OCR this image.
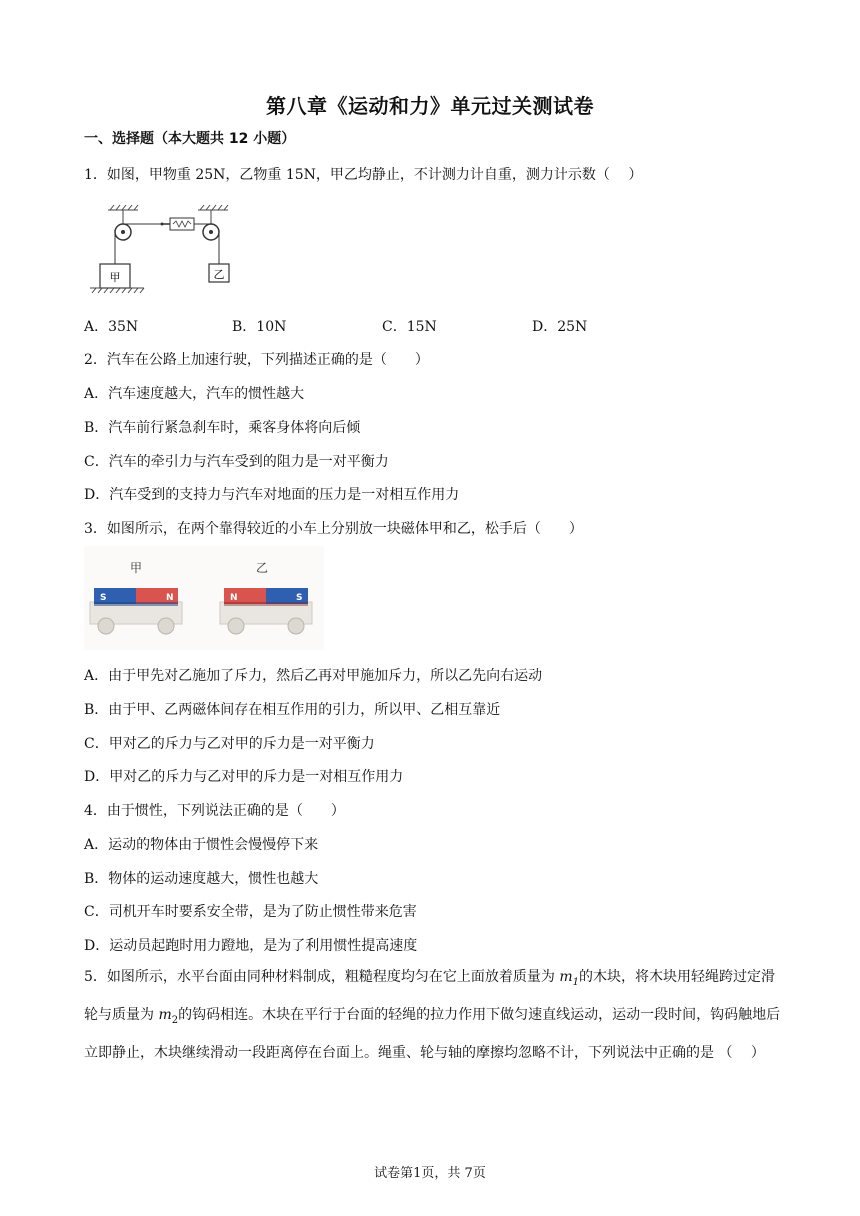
第八章《运动和力》单元过关测试卷
一、选择题（本大题共 12 小题）
1．如图，甲物重 25N，乙物重 15N，甲乙均静止，不计测力计自重，测力计示数（　 ）
甲	乙
A．35N	B．10N	C．15N	D．25N
2．汽车在公路上加速行驶，下列描述正确的是（　　）
A．汽车速度越大，汽车的惯性越大
B．汽车前行紧急刹车时，乘客身体将向后倾
C．汽车的牵引力与汽车受到的阻力是一对平衡力
D．汽车受到的支持力与汽车对地面的压力是一对相互作用力
3．如图所示，在两个靠得较近的小车上分别放一块磁体甲和乙，松手后（　　）
甲	乙
S	N	N	S
A．由于甲先对乙施加了斥力，然后乙再对甲施加斥力，所以乙先向右运动
B．由于甲、乙两磁体间存在相互作用的引力，所以甲、乙相互靠近
C．甲对乙的斥力与乙对甲的斥力是一对平衡力
D．甲对乙的斥力与乙对甲的斥力是一对相互作用力
4．由于惯性，下列说法正确的是（　　）
A．运动的物体由于惯性会慢慢停下来
B．物体的运动速度越大，惯性也越大
C．司机开车时要系安全带，是为了防止惯性带来危害
D．运动员起跑时用力蹬地，是为了利用惯性提高速度
5．如图所示，水平台面由同种材料制成，粗糙程度均匀在它上面放着质量为 $m_1$的木块，将木块用轻绳跨过定滑轮与质量为 $m_2$的钩码相连。木块在平行于台面的轻绳的拉力作用下做匀速直线运动，运动一段时间，钩码触地后立即静止，木块继续滑动一段距离停在台面上。绳重、轮与轴的摩擦均忽略不计，下列说法中正确的是 （　 ）
试卷第1页，共 7页
